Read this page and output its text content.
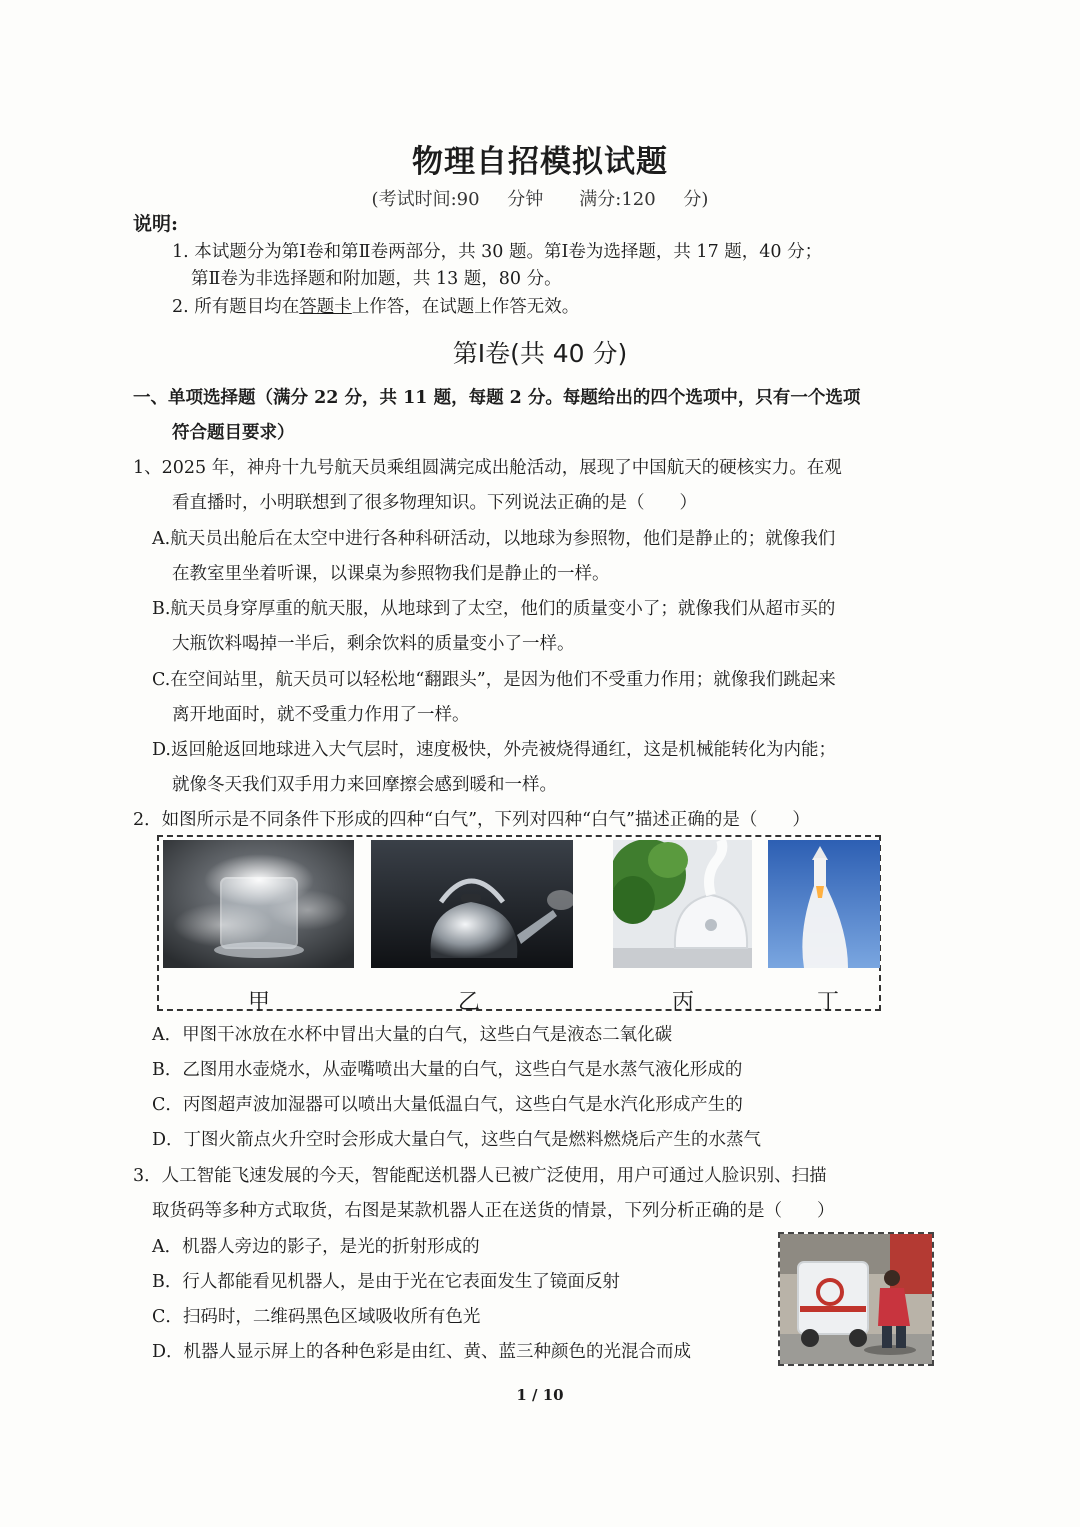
物理自招模拟试题
(考试时间:90 分钟　　满分:120 分)
说明:
1. 本试题分为第Ⅰ卷和第Ⅱ卷两部分，共 30 题。第Ⅰ卷为选择题，共 17 题，40 分；
第Ⅱ卷为非选择题和附加题，共 13 题，80 分。
2. 所有题目均在答题卡上作答，在试题上作答无效。
第Ⅰ卷(共 40 分)
一、单项选择题（满分 22 分，共 11 题，每题 2 分。每题给出的四个选项中，只有一个选项
符合题目要求）
1、2025 年，神舟十九号航天员乘组圆满完成出舱活动，展现了中国航天的硬核实力。在观
看直播时，小明联想到了很多物理知识。下列说法正确的是（　　）
A.航天员出舱后在太空中进行各种科研活动，以地球为参照物，他们是静止的；就像我们
在教室里坐着听课，以课桌为参照物我们是静止的一样。
B.航天员身穿厚重的航天服，从地球到了太空，他们的质量变小了；就像我们从超市买的
大瓶饮料喝掉一半后，剩余饮料的质量变小了一样。
C.在空间站里，航天员可以轻松地“翻跟头”，是因为他们不受重力作用；就像我们跳起来
离开地面时，就不受重力作用了一样。
D.返回舱返回地球进入大气层时，速度极快，外壳被烧得通红，这是机械能转化为内能；
就像冬天我们双手用力来回摩擦会感到暖和一样。
2．如图所示是不同条件下形成的四种“白气”，下列对四种“白气”描述正确的是（　　）
甲	乙	丙	丁
A．甲图干冰放在水杯中冒出大量的白气，这些白气是液态二氧化碳
B．乙图用水壶烧水，从壶嘴喷出大量的白气，这些白气是水蒸气液化形成的
C．丙图超声波加湿器可以喷出大量低温白气，这些白气是水汽化形成产生的
D．丁图火箭点火升空时会形成大量白气，这些白气是燃料燃烧后产生的水蒸气
3．人工智能飞速发展的今天，智能配送机器人已被广泛使用，用户可通过人脸识别、扫描
取货码等多种方式取货，右图是某款机器人正在送货的情景，下列分析正确的是（　　）
A．机器人旁边的影子，是光的折射形成的
B．行人都能看见机器人，是由于光在它表面发生了镜面反射
C．扫码时，二维码黑色区域吸收所有色光
D．机器人显示屏上的各种色彩是由红、黄、蓝三种颜色的光混合而成
1 / 10
